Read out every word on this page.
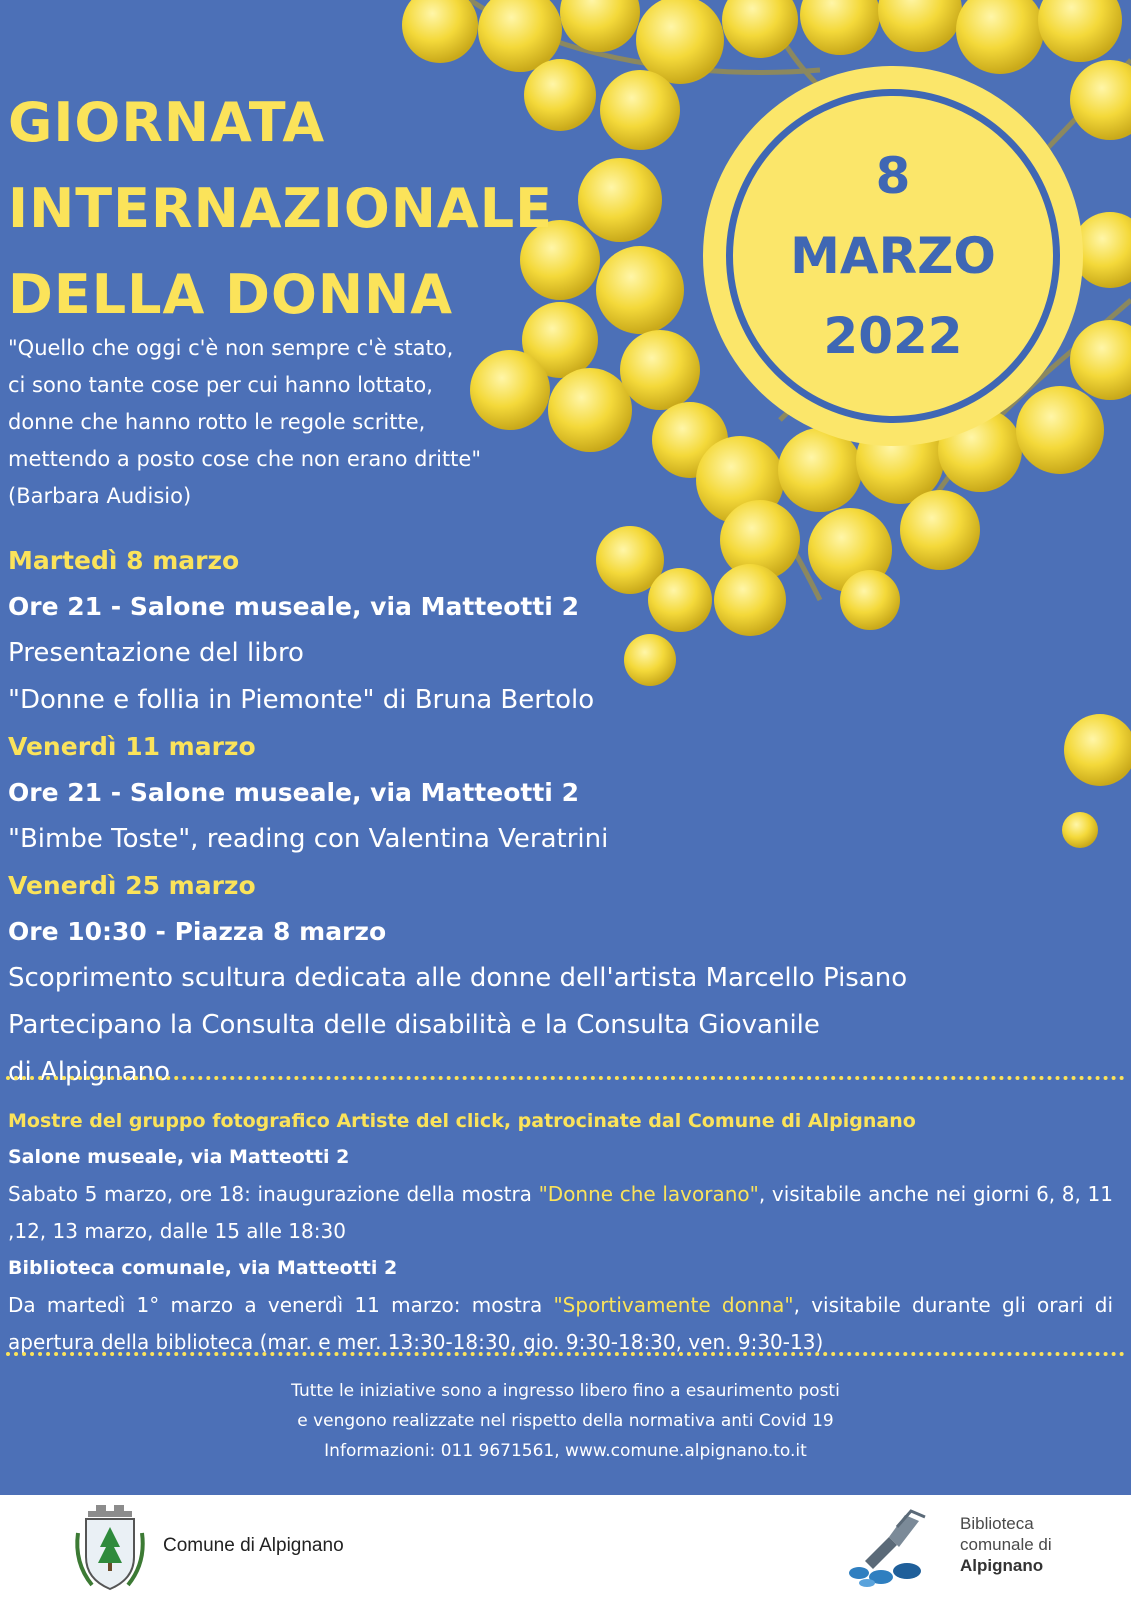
GIORNATA
INTERNAZIONALE
DELLA DONNA
8
MARZO
2022
"Quello che oggi c'è non sempre c'è stato,
ci sono tante cose per cui hanno lottato,
donne che hanno rotto le regole scritte,
mettendo a posto cose che non erano dritte"
(Barbara Audisio)
Martedì 8 marzo
Ore 21 - Salone museale, via Matteotti 2
Presentazione del libro
"Donne e follia in Piemonte" di Bruna Bertolo
Venerdì 11 marzo
Ore 21 - Salone museale, via Matteotti 2
"Bimbe Toste", reading con Valentina Veratrini
Venerdì 25 marzo
Ore 10:30 - Piazza 8 marzo
Scoprimento scultura dedicata alle donne dell'artista Marcello Pisano
Partecipano la Consulta delle disabilità e la Consulta Giovanile
di Alpignano
Mostre del gruppo fotografico Artiste del click, patrocinate dal Comune di Alpignano
Salone museale, via Matteotti 2
Sabato 5 marzo, ore 18: inaugurazione della mostra "Donne che lavorano", visitabile anche nei giorni 6, 8, 11 ,12, 13 marzo, dalle 15 alle 18:30
Biblioteca comunale, via Matteotti 2
Da martedì 1° marzo a venerdì 11 marzo: mostra "Sportivamente donna", visitabile durante gli orari di apertura della biblioteca (mar. e mer. 13:30-18:30, gio. 9:30-18:30, ven. 9:30-13)
Tutte le iniziative sono a ingresso libero fino a esaurimento posti
e vengono realizzate nel rispetto della normativa anti Covid 19
Informazioni: 011 9671561, www.comune.alpignano.to.it
Comune di Alpignano
Biblioteca
comunale di
Alpignano
